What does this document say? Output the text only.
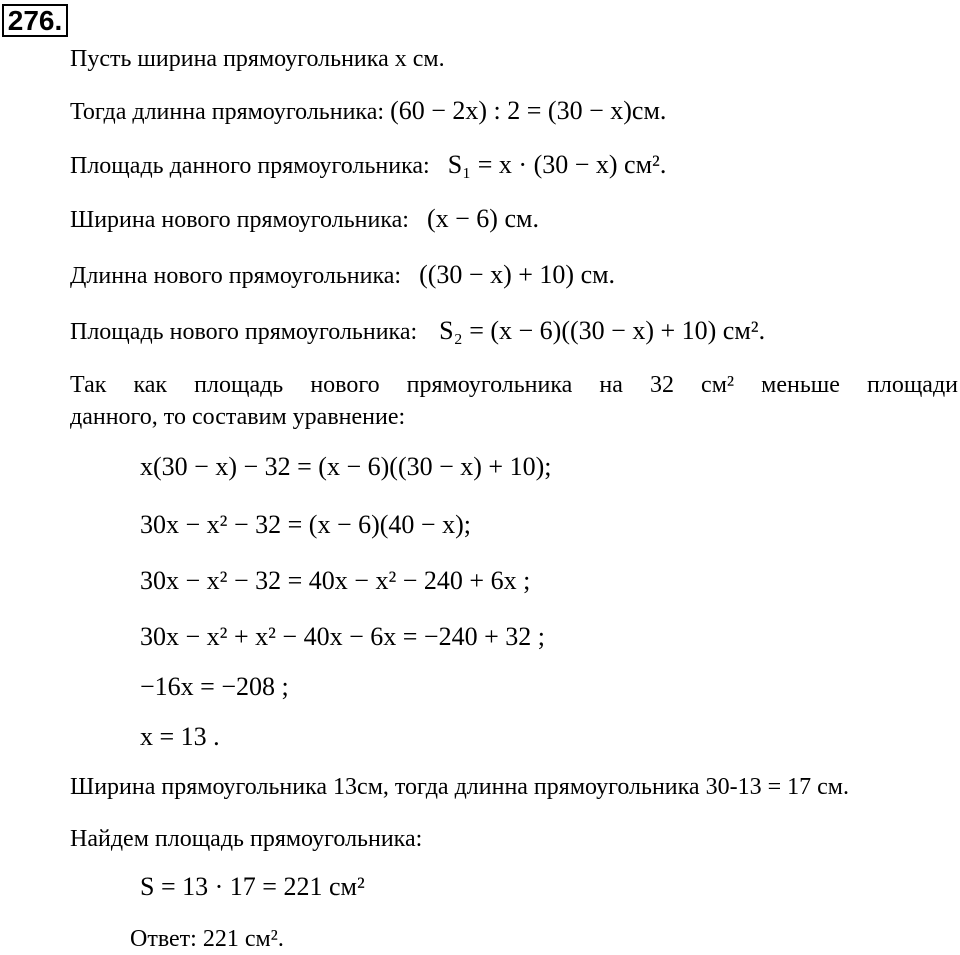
276.
Пусть ширина прямоугольника x см.
Тогда длинна прямоугольника: (60 − 2x) : 2 = (30 − x)см.
Площадь данного прямоугольника: S₁ = x · (30 − x) см².
Ширина нового прямоугольника: (x − 6) см.
Длинна нового прямоугольника: ((30 − x) + 10) см.
Площадь нового прямоугольника: S₂ = (x − 6)((30 − x) + 10) см².
Так как площадь нового прямоугольника на 32 см² меньше площади
данного, то составим уравнение:
x(30 − x) − 32 = (x − 6)((30 − x) + 10);
30x − x² − 32 = (x − 6)(40 − x);
30x − x² − 32 = 40x − x² − 240 + 6x ;
30x − x² + x² − 40x − 6x = −240 + 32 ;
−16x = −208 ;
x = 13 .
Ширина прямоугольника 13см, тогда длинна прямоугольника 30-13 = 17 см.
Найдем площадь прямоугольника:
S = 13 · 17 = 221 см²
Ответ: 221 см².
